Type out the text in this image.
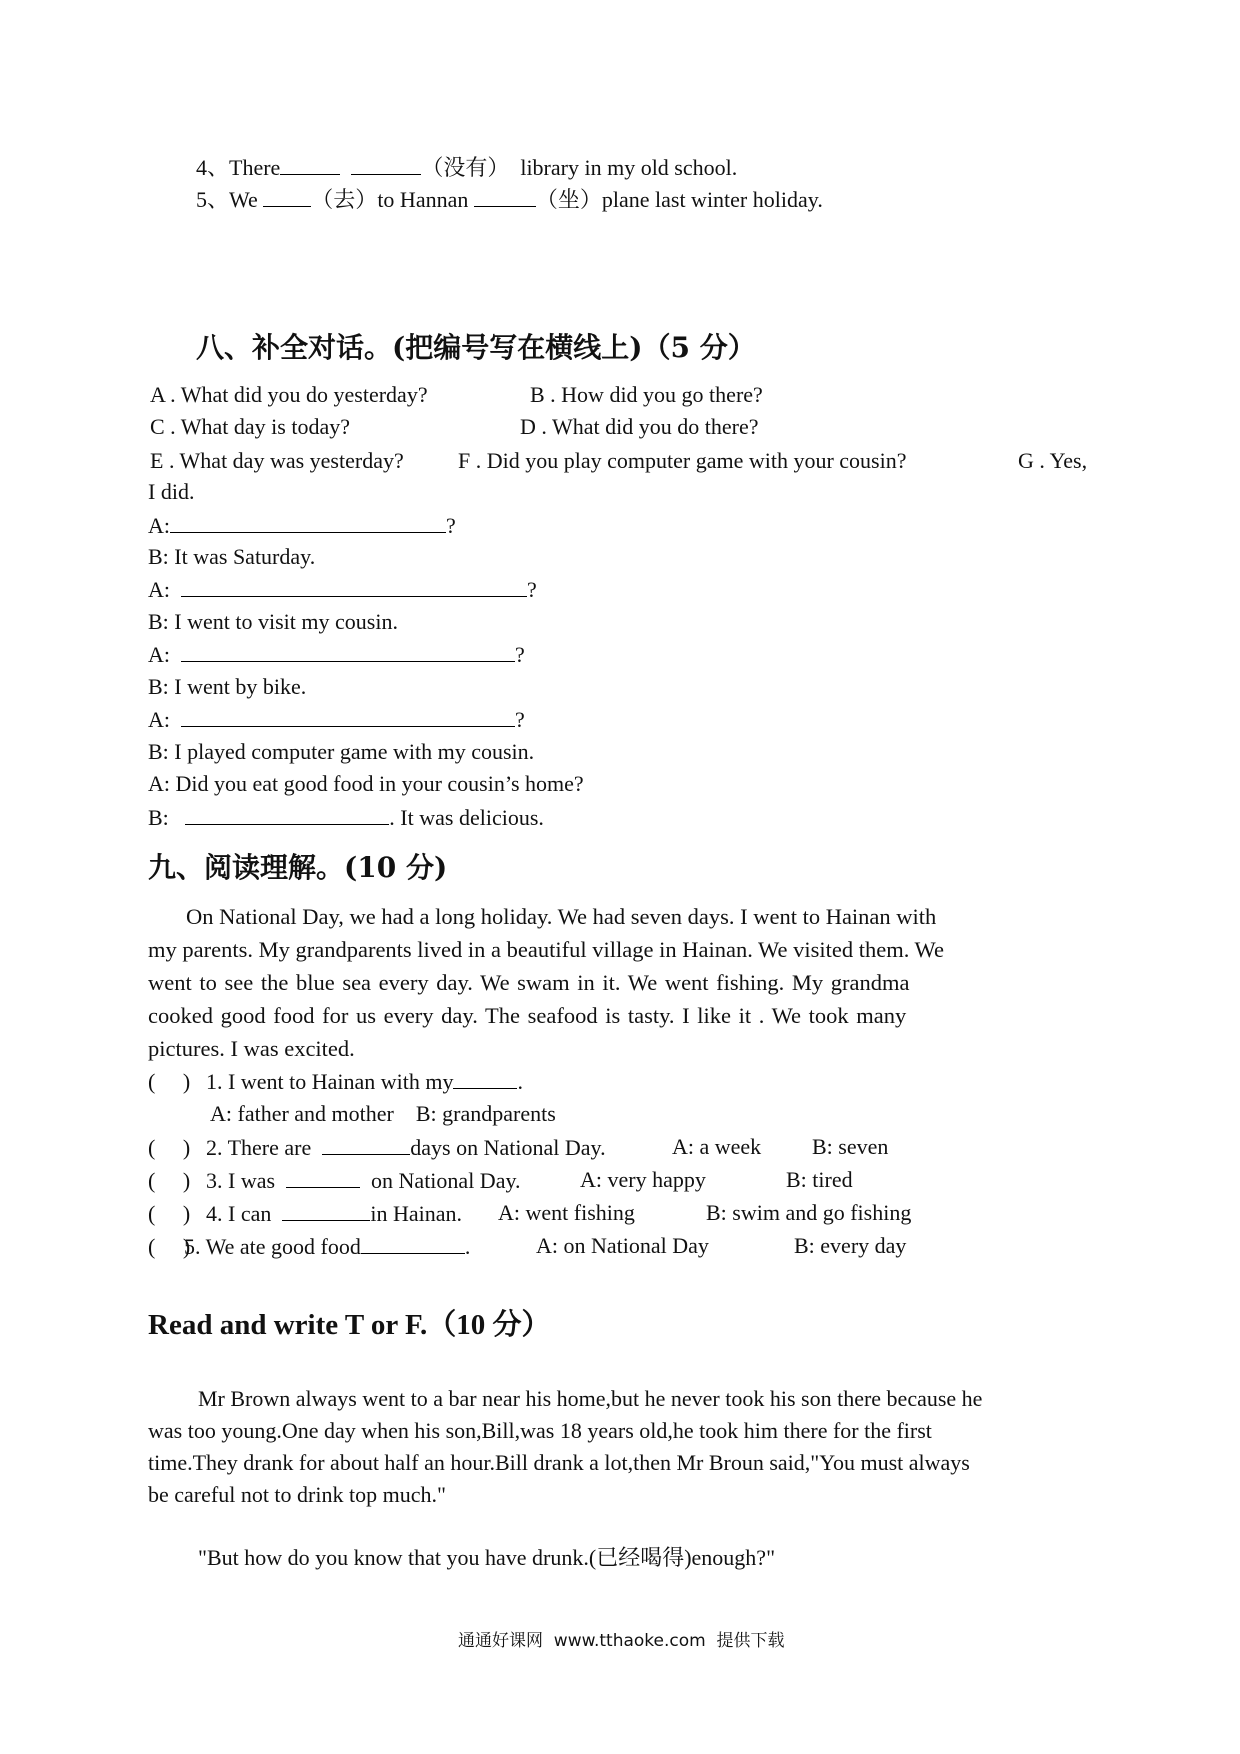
4、There	（没有） library in my old school.
5、We （去）to Hannan	（坐）plane last winter holiday.
八、补全对话。(把编号写在横线上)（5 分）
A . What did you do yesterday?	B . How did you go there?
C . What day is today?	D . What did you do there?
E . What day was yesterday? F . Did you play computer game with your cousin?	G . Yes,
I did.
A:	?
B: It was Saturday.
A:	?
B: I went to visit my cousin.
A:	?
B: I went by bike.
A:	?
B: I played computer game with my cousin.
A: Did you eat good food in your cousin’s home?
B:	. It was delicious.
九、阅读理解。(10 分)
On National Day, we had a long holiday. We had seven days. I went to Hainan with
my parents. My grandparents lived in a beautiful village in Hainan. We visited them. We
went to see the blue sea every day. We swam in it. We went fishing. My grandma
cooked good food for us every day. The seafood is tasty. I like it . We took many
pictures. I was excited.
(     ) 1. I went to Hainan with my	.
A: father and mother    B: grandparents
(     ) 2. There are	days on National Day.	A: a week B: seven
(     ) 3. I was	on National Day.	A: very happy	B: tired
(     ) 4. I can	in Hainan. A: went fishing	B: swim and go fishing
(     )5. We ate good food	.	A: on National Day	B: every day
Read and write T or F.（10 分）
Mr Brown always went to a bar near his home,but he never took his son there because he
was too young.One day when his son,Bill,was 18 years old,he took him there for the first
time.They drank for about half an hour.Bill drank a lot,then Mr Broun said,"You must always
be careful not to drink top much."
"But how do you know that you have drunk.(已经喝得)enough?"
通通好课网  www.tthaoke.com  提供下载
